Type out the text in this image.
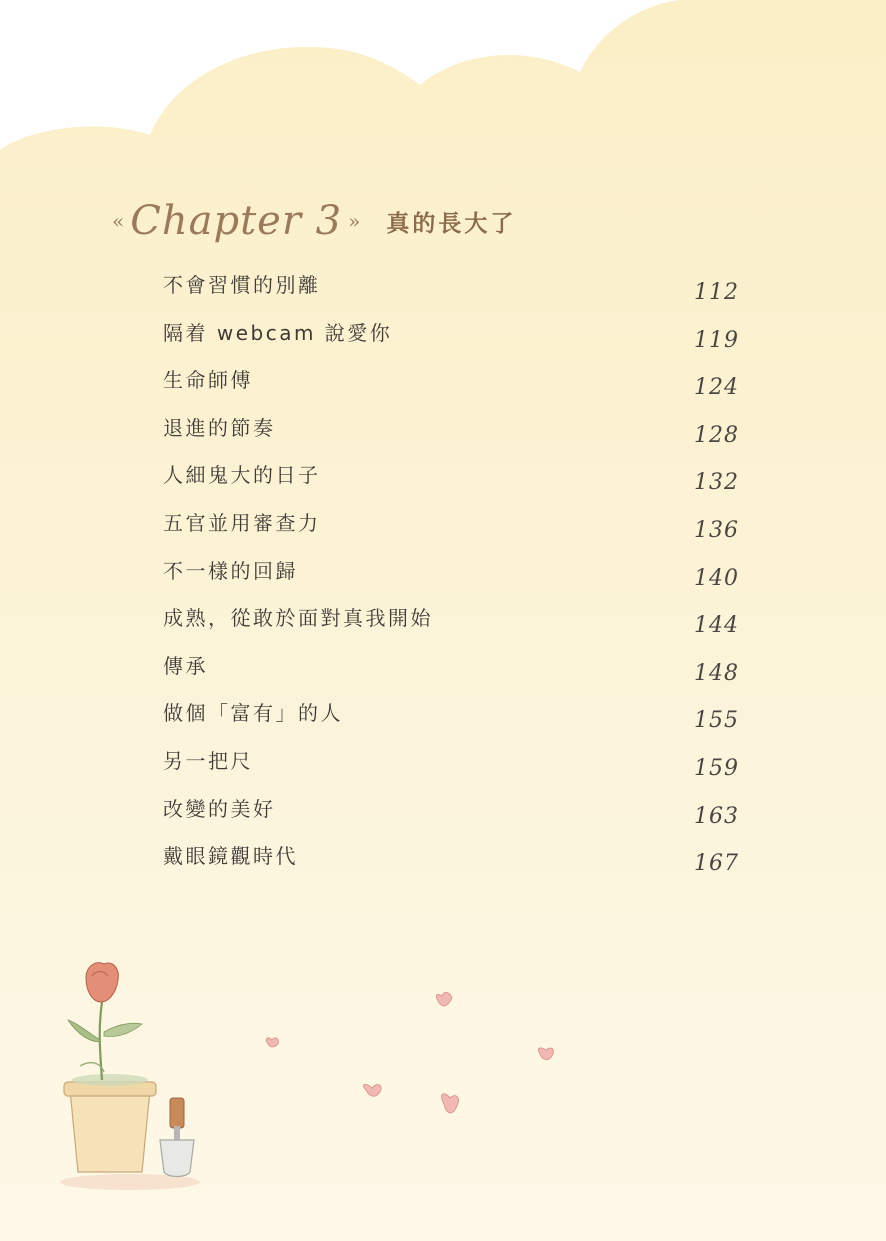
« Chapter 3 » 真的長大了
不會習慣的別離	112
隔着 webcam 說愛你	119
生命師傅	124
退進的節奏	128
人細鬼大的日子	132
五官並用審查力	136
不一樣的回歸	140
成熟，從敢於面對真我開始	144
傳承	148
做個「富有」的人	155
另一把尺	159
改變的美好	163
戴眼鏡觀時代	167
